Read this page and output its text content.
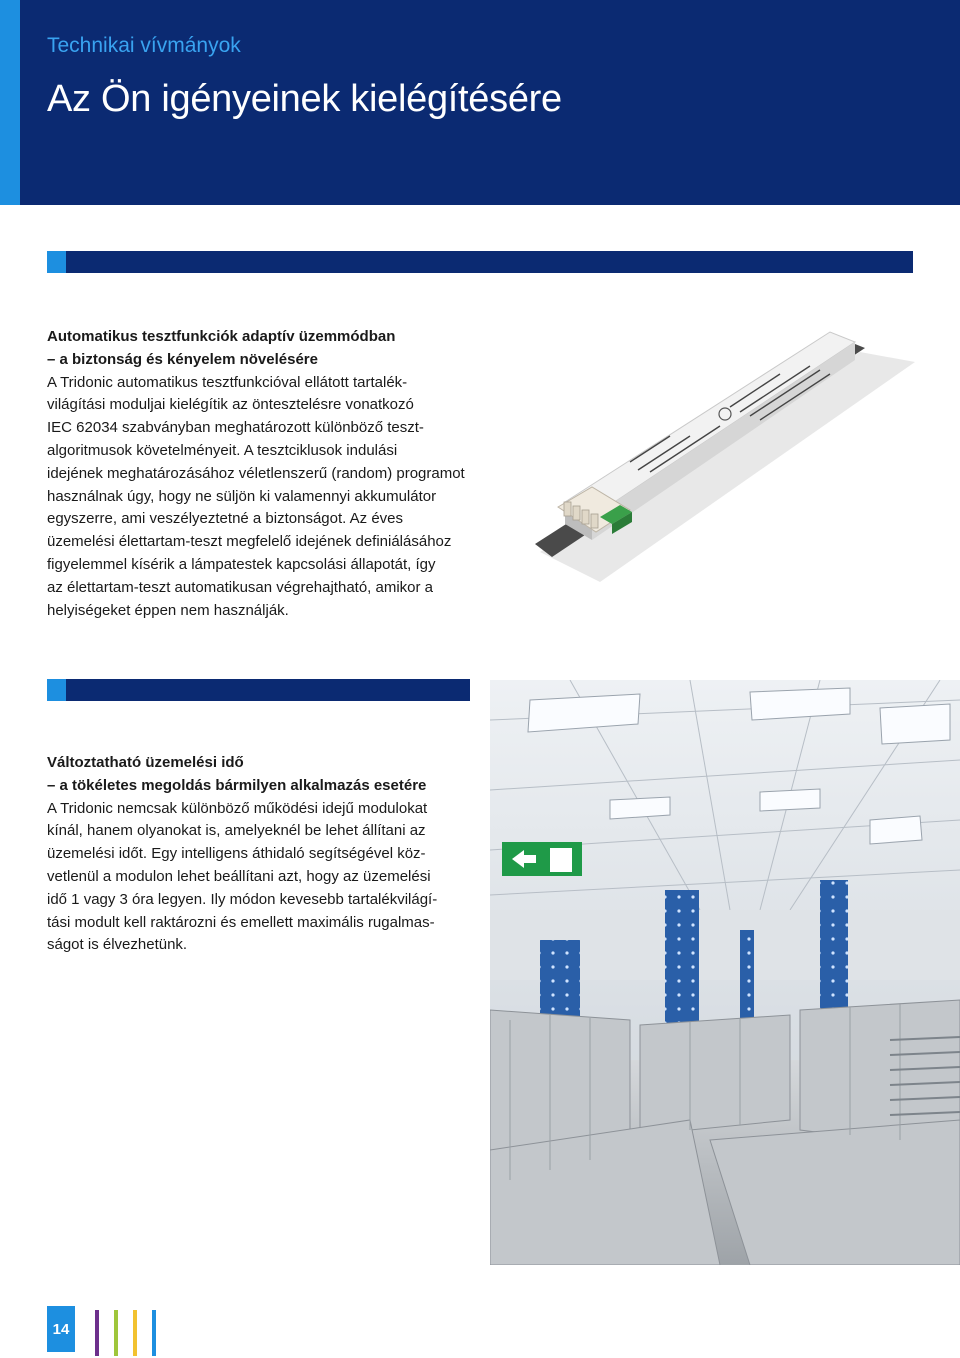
Technikai vívmányok
Az Ön igényeinek kielégítésére
Automatikus tesztfunkciók adaptív üzemmódban
– a biztonság és kényelem növelésére

A Tridonic automatikus tesztfunkcióval ellátott tartalék-

világítási moduljai kielégítik az öntesztelésre vonatkozó

IEC 62034 szabványban meghatározott különböző teszt-

algoritmusok követelményeit. A tesztciklusok indulási

idejének meghatározásához véletlenszerű (random) programot

használnak úgy, hogy ne süljön ki valamennyi akkumulátor

egyszerre, ami veszélyeztetné a biztonságot. Az éves

üzemelési élettartam-teszt megfelelő idejének definiálásához

figyelemmel kísérik a lámpatestek kapcsolási állapotát, így

az élettartam-teszt automatikusan végrehajtható, amikor a

helyiségeket éppen nem használják.

Változtatható üzemelési idő
– a tökéletes megoldás bármilyen alkalmazás esetére

A Tridonic nemcsak különböző működési idejű modulokat

kínál, hanem olyanokat is, amelyeknél be lehet állítani az

üzemelési időt. Egy intelligens áthidaló segítségével köz-

vetlenül a modulon lehet beállítani azt, hogy az üzemelési

idő 1 vagy 3 óra legyen. Ily módon kevesebb tartalékvilágí-

tási modult kell raktározni és emellett maximális rugalmas-

ságot is élvezhetünk.

14
